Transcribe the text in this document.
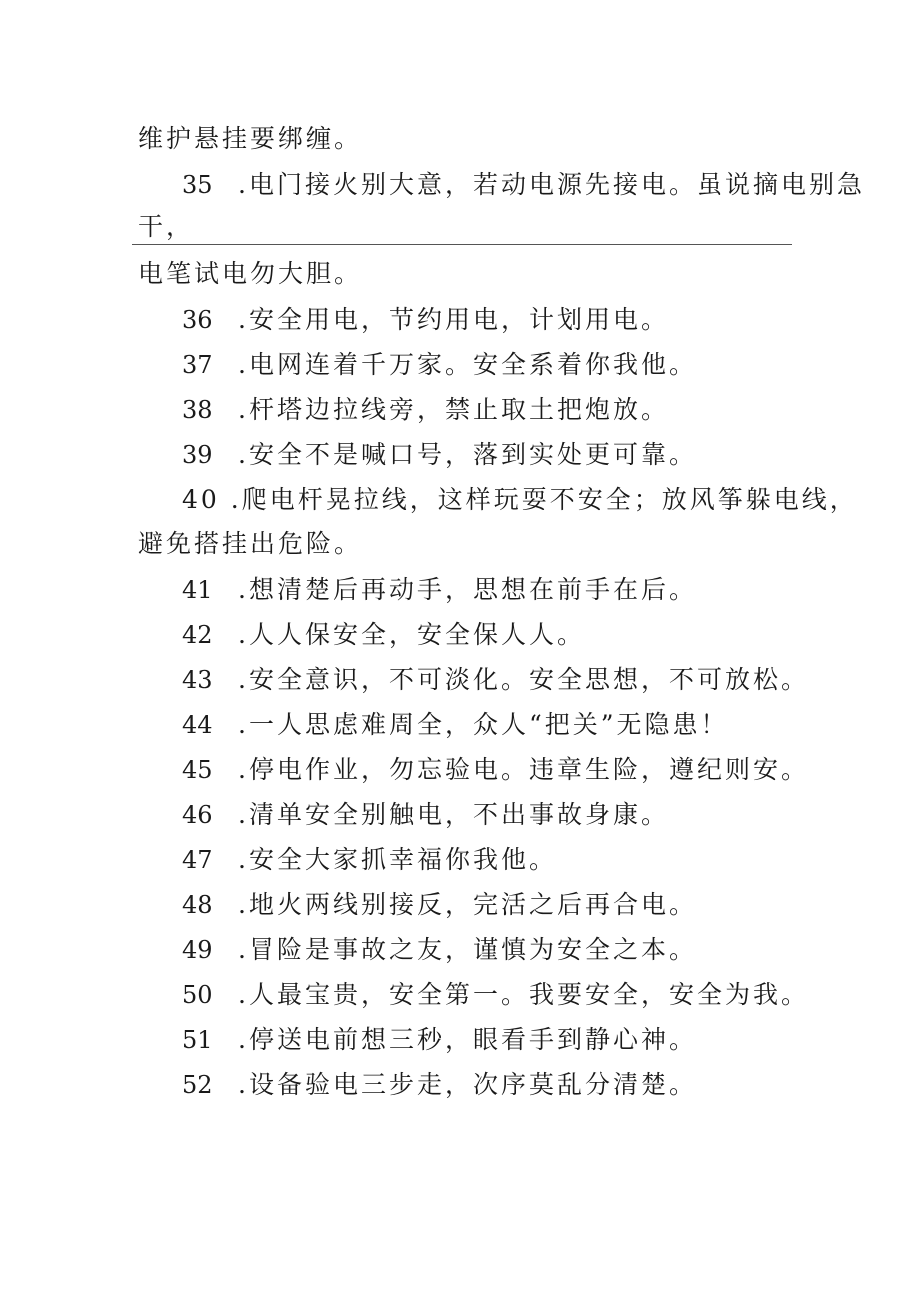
维护悬挂要绑缠。
35 .电门接火别大意，若动电源先接电。虽说摘电别急
干，
电笔试电勿大胆。
36 .安全用电，节约用电，计划用电。
37 .电网连着千万家。安全系着你我他。
38 .杆塔边拉线旁，禁止取土把炮放。
39 .安全不是喊口号，落到实处更可靠。
40 .爬电杆晃拉线，这样玩耍不安全；放风筝躲电线，
避免搭挂出危险。
41 .想清楚后再动手，思想在前手在后。
42 .人人保安全，安全保人人。
43 .安全意识，不可淡化。安全思想，不可放松。
44 .一人思虑难周全，众人“把关”无隐患！
45 .停电作业，勿忘验电。违章生险，遵纪则安。
46 .清单安全别触电，不出事故身康。
47 .安全大家抓幸福你我他。
48 .地火两线别接反，完活之后再合电。
49 .冒险是事故之友，谨慎为安全之本。
50 .人最宝贵，安全第一。我要安全，安全为我。
51 .停送电前想三秒，眼看手到静心神。
52 .设备验电三步走，次序莫乱分清楚。
